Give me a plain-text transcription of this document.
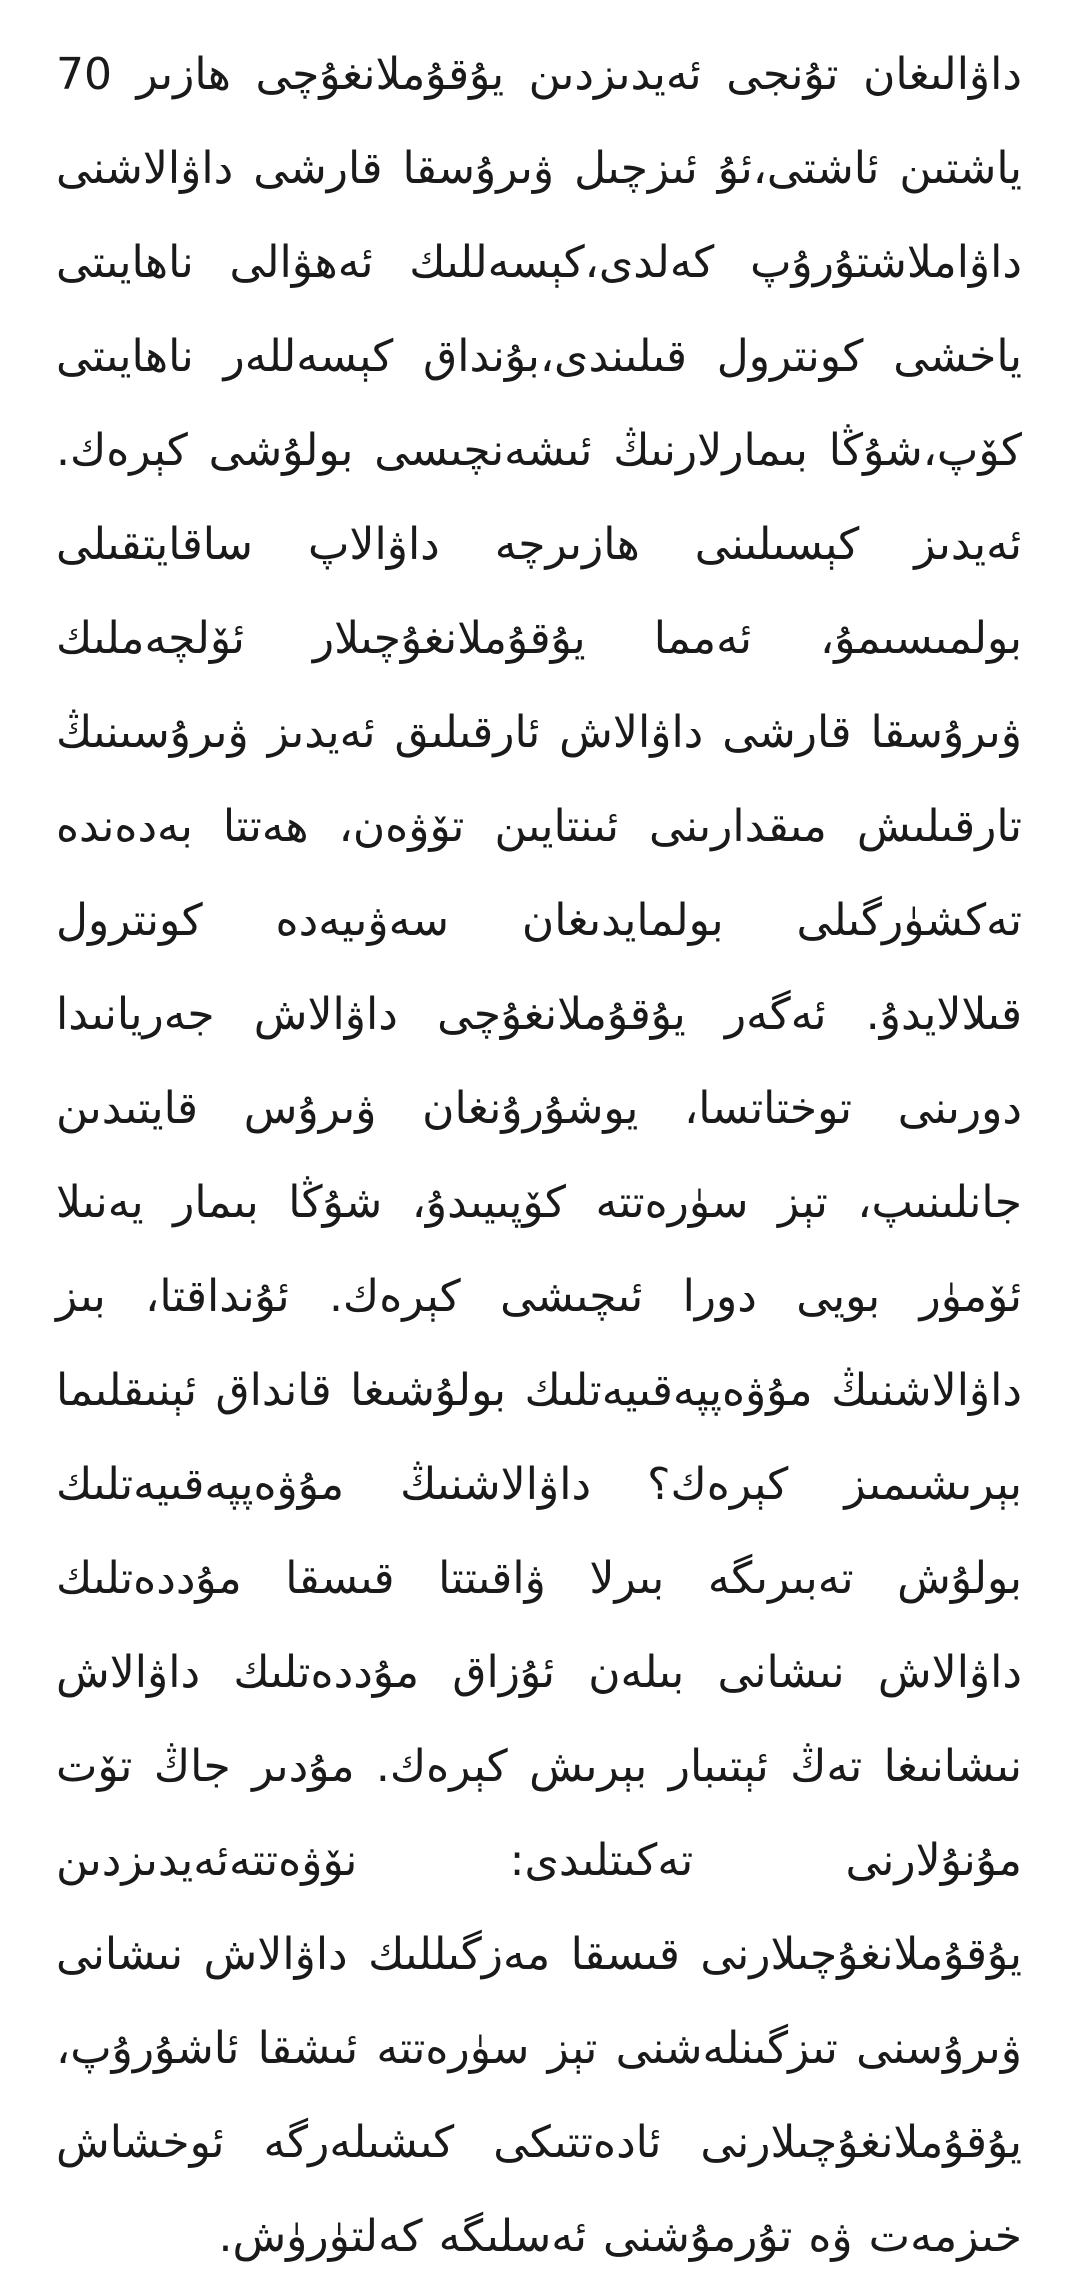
داۋالىغان تۇنجى ئەيدىزدىن يۇقۇملانغۇچى ھازىر 70 ياشتىن ئاشتى،ئۇ ئىزچىل ۋىرۇسقا قارشى داۋالاشنى داۋاملاشتۇرۇپ كەلدى،كېسەللىك ئەھۋالى ناھايىتى ياخشى كونترول قىلىندى،بۇنداق كېسەللەر ناھايىتى كۆپ،شۇڭا بىمارلارنىڭ ئىشەنچىسى بولۇشى كېرەك. ئەيدىز كېسىلىنى ھازىرچە داۋالاپ ساقايتقىلى بولمىسىمۇ، ئەمما يۇقۇملانغۇچىلار ئۆلچەملىك ۋىرۇسقا قارشى داۋالاش ئارقىلىق ئەيدىز ۋىرۇسىنىڭ تارقىلىش مىقدارىنى ئىنتايىن تۆۋەن، ھەتتا بەدەندە تەكشۈرگىلى بولمايدىغان سەۋىيەدە كونترول قىلالايدۇ. ئەگەر يۇقۇملانغۇچى داۋالاش جەريانىدا دورىنى توختاتسا، يوشۇرۇنغان ۋىرۇس قايتىدىن جانلىنىپ، تېز سۈرەتتە كۆپىيىدۇ، شۇڭا بىمار يەنىلا ئۆمۈر بويى دورا ئىچىشى كېرەك. ئۇنداقتا، بىز داۋالاشنىڭ مۇۋەپپەقىيەتلىك بولۇشىغا قانداق ئېنىقلىما بېرىشىمىز كېرەك؟ داۋالاشنىڭ مۇۋەپپەقىيەتلىك بولۇش تەبىرىگە بىرلا ۋاقىتتا قىسقا مۇددەتلىك داۋالاش نىشانى بىلەن ئۇزاق مۇددەتلىك داۋالاش نىشانىغا تەڭ ئېتىبار بېرىش كېرەك. مۇدىر جاڭ تۆت مۇنۇلارنى تەكىتلىدى: نۆۋەتتەئەيدىزدىن يۇقۇملانغۇچىلارنى قىسقا مەزگىللىك داۋالاش نىشانى ۋىرۇسنى تىزگىنلەشنى تېز سۈرەتتە ئىشقا ئاشۇرۇپ، يۇقۇملانغۇچىلارنى ئادەتتىكى كىشىلەرگە ئوخشاش خىزمەت ۋە تۇرمۇشنى ئەسلىگە كەلتۈرۈش.
